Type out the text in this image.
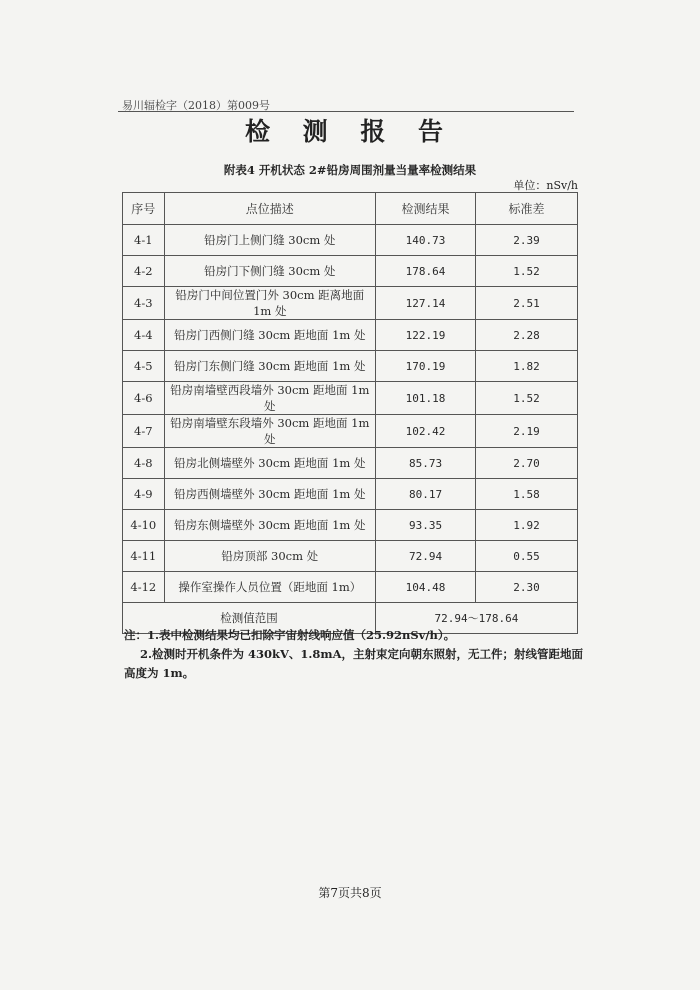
易川辐检字（2018）第009号
检 测 报 告
附表4 开机状态 2#铅房周围剂量当量率检测结果
单位：nSv/h
序号	点位描述	检测结果	标准差
4-1	铅房门上侧门缝 30cm 处	140.73	2.39
4-2	铅房门下侧门缝 30cm 处	178.64	1.52
4-3	铅房门中间位置门外 30cm 距离地面 1m 处	127.14	2.51
4-4	铅房门西侧门缝 30cm 距地面 1m 处	122.19	2.28
4-5	铅房门东侧门缝 30cm 距地面 1m 处	170.19	1.82
4-6	铅房南墙壁西段墙外 30cm 距地面 1m 处	101.18	1.52
4-7	铅房南墙壁东段墙外 30cm 距地面 1m 处	102.42	2.19
4-8	铅房北侧墙壁外 30cm 距地面 1m 处	85.73	2.70
4-9	铅房西侧墙壁外 30cm 距地面 1m 处	80.17	1.58
4-10	铅房东侧墙壁外 30cm 距地面 1m 处	93.35	1.92
4-11	铅房顶部 30cm 处	72.94	0.55
4-12	操作室操作人员位置（距地面 1m）	104.48	2.30
检测值范围		72.94～178.64	

注：1.表中检测结果均已扣除宇宙射线响应值（25.92nSv/h）。

2.检测时开机条件为 430kV、1.8mA，主射束定向朝东照射，无工件；射线管距地面高度为 1m。

第7页共8页
